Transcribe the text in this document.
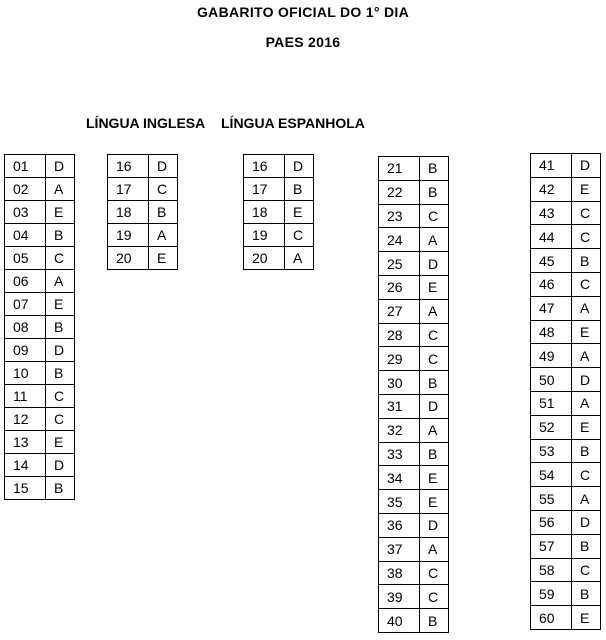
GABARITO OFICIAL DO 1° DIA
PAES 2016
LÍNGUA INGLESA LÍNGUA ESPANHOLA
01	D
02	A
03	E
04	B
05	C
06	A
07	E
08	B
09	D
10	B
11	C
12	C
13	E
14	D
15	B
16	D
17	C
18	B
19	A
20	E
16	D
17	B
18	E
19	C
20	A
21	B
22	B
23	C
24	A
25	D
26	E
27	A
28	C
29	C
30	B
31	D
32	A
33	B
34	E
35	E
36	D
37	A
38	C
39	C
40	B
41	D
42	E
43	C
44	C
45	B
46	C
47	A
48	E
49	A
50	D
51	A
52	E
53	B
54	C
55	A
56	D
57	B
58	C
59	B
60	E
